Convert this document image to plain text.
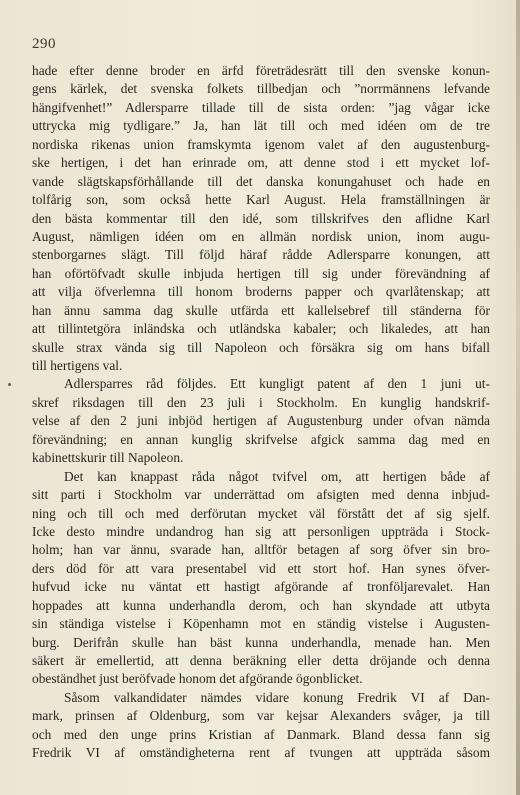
290
hade efter denne broder en ärfd företrädesrätt till den svenske konun-
gens kärlek, det svenska folkets tillbedjan och ”norrmännens lefvande
hängifvenhet!” Adlersparre tillade till de sista orden: ”jag vågar icke
uttrycka mig tydligare.” Ja, han lät till och med idéen om de tre
nordiska rikenas union framskymta igenom valet af den augustenburg-
ske hertigen, i det han erinrade om, att denne stod i ett mycket lof-
vande slägtskapsförhållande till det danska konungahuset och hade en
tolfårig son, som också hette Karl August. Hela framställningen är
den bästa kommentar till den idé, som tillskrifves den aflidne Karl
August, nämligen idéen om en allmän nordisk union, inom augu-
stenborgarnes slägt. Till följd häraf rådde Adlersparre konungen, att
han oförtöfvadt skulle inbjuda hertigen till sig under förevändning af
att vilja öfverlemna till honom broderns papper och qvarlåtenskap; att
han ännu samma dag skulle utfärda ett kallelsebref till ständerna för
att tillintetgöra inländska och utländska kabaler; och likaledes, att han
skulle strax vända sig till Napoleon och försäkra sig om hans bifall
till hertigens val.
Adlersparres råd följdes. Ett kungligt patent af den 1 juni ut-
skref riksdagen till den 23 juli i Stockholm. En kunglig handskrif-
velse af den 2 juni inbjöd hertigen af Augustenburg under ofvan nämda
förevändning; en annan kunglig skrifvelse afgick samma dag med en
kabinettskurir till Napoleon.
Det kan knappast råda något tvifvel om, att hertigen både af
sitt parti i Stockholm var underrättad om afsigten med denna inbjud-
ning och till och med derförutan mycket väl förstått det af sig sjelf.
Icke desto mindre undandrog han sig att personligen uppträda i Stock-
holm; han var ännu, svarade han, alltför betagen af sorg öfver sin bro-
ders död för att vara presentabel vid ett stort hof. Han synes öfver-
hufvud icke nu väntat ett hastigt afgörande af tronföljarevalet. Han
hoppades att kunna underhandla derom, och han skyndade att utbyta
sin ständiga vistelse i Köpenhamn mot en ständig vistelse i Augusten-
burg. Derifrån skulle han bäst kunna underhandla, menade han. Men
säkert är emellertid, att denna beräkning eller detta dröjande och denna
obeständhet just beröfvade honom det afgörande ögonblicket.
Såsom valkandidater nämdes vidare konung Fredrik VI af Dan-
mark, prinsen af Oldenburg, som var kejsar Alexanders svåger, ja till
och med den unge prins Kristian af Danmark. Bland dessa fann sig
Fredrik VI af omständigheterna rent af tvungen att uppträda såsom
